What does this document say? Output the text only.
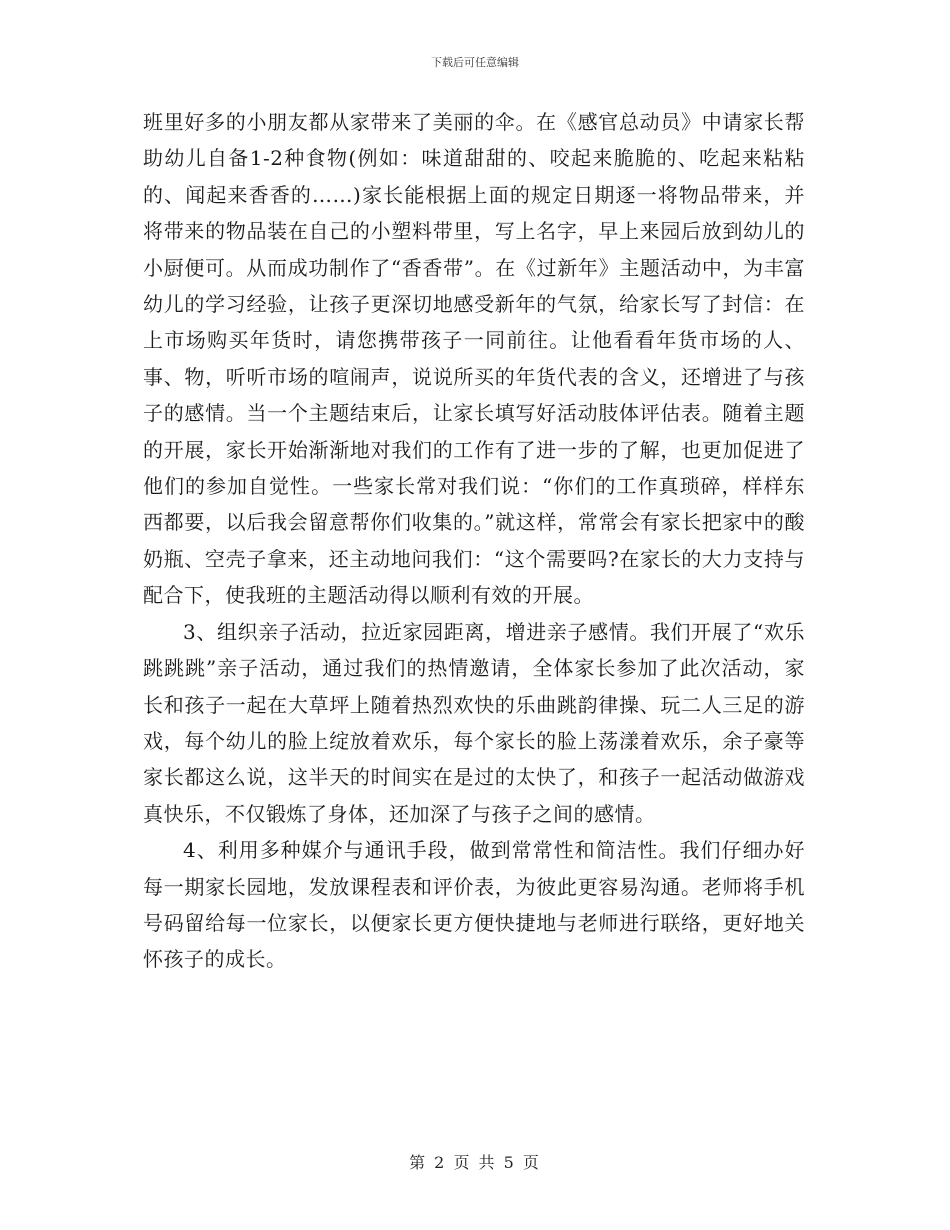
下载后可任意编辑

班里好多的小朋友都从家带来了美丽的伞。在《感官总动员》中请家长帮助幼儿自备1-2种食物(例如：味道甜甜的、咬起来脆脆的、吃起来粘粘的、闻起来香香的……)家长能根据上面的规定日期逐一将物品带来，并将带来的物品装在自己的小塑料带里，写上名字，早上来园后放到幼儿的小厨便可。从而成功制作了“香香带”。在《过新年》主题活动中，为丰富幼儿的学习经验，让孩子更深切地感受新年的气氛，给家长写了封信：在上市场购买年货时，请您携带孩子一同前往。让他看看年货市场的人、事、物，听听市场的喧闹声，说说所买的年货代表的含义，还增进了与孩子的感情。当一个主题结束后，让家长填写好活动肢体评估表。随着主题的开展，家长开始渐渐地对我们的工作有了进一步的了解，也更加促进了他们的参加自觉性。一些家长常对我们说：“你们的工作真琐碎，样样东西都要，以后我会留意帮你们收集的。”就这样，常常会有家长把家中的酸奶瓶、空壳子拿来，还主动地问我们：“这个需要吗?在家长的大力支持与配合下，使我班的主题活动得以顺利有效的开展。

3、组织亲子活动，拉近家园距离，增进亲子感情。我们开展了“欢乐跳跳跳”亲子活动，通过我们的热情邀请，全体家长参加了此次活动，家长和孩子一起在大草坪上随着热烈欢快的乐曲跳韵律操、玩二人三足的游戏，每个幼儿的脸上绽放着欢乐，每个家长的脸上荡漾着欢乐，余子豪等家长都这么说，这半天的时间实在是过的太快了，和孩子一起活动做游戏真快乐，不仅锻炼了身体，还加深了与孩子之间的感情。

4、利用多种媒介与通讯手段，做到常常性和简洁性。我们仔细办好每一期家长园地，发放课程表和评价表，为彼此更容易沟通。老师将手机号码留给每一位家长，以便家长更方便快捷地与老师进行联络，更好地关怀孩子的成长。

第 2 页 共 5 页
